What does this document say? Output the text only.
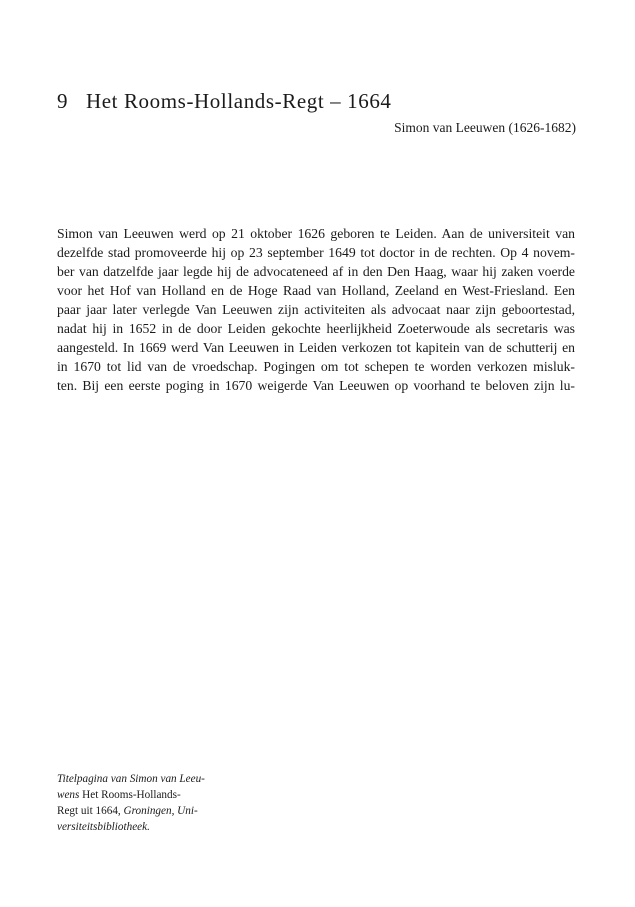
9 Het Rooms-Hollands-Regt – 1664
Simon van Leeuwen (1626-1682)
Simon van Leeuwen werd op 21 oktober 1626 geboren te Leiden. Aan de universiteit van
dezelfde stad promoveerde hij op 23 september 1649 tot doctor in de rechten. Op 4 novem-
ber van datzelfde jaar legde hij de advocateneed af in den Den Haag, waar hij zaken voerde
voor het Hof van Holland en de Hoge Raad van Holland, Zeeland en West-Friesland. Een
paar jaar later verlegde Van Leeuwen zijn activiteiten als advocaat naar zijn geboortestad,
nadat hij in 1652 in de door Leiden gekochte heerlijkheid Zoeterwoude als secretaris was
aangesteld. In 1669 werd Van Leeuwen in Leiden verkozen tot kapitein van de schutterij en
in 1670 tot lid van de vroedschap. Pogingen om tot schepen te worden verkozen misluk-
ten. Bij een eerste poging in 1670 weigerde Van Leeuwen op voorhand te beloven zijn lu-
Titelpagina van Simon van Leeu-
wens Het Rooms-Hollands-
Regt uit 1664, Groningen, Uni-
versiteitsbibliotheek.
